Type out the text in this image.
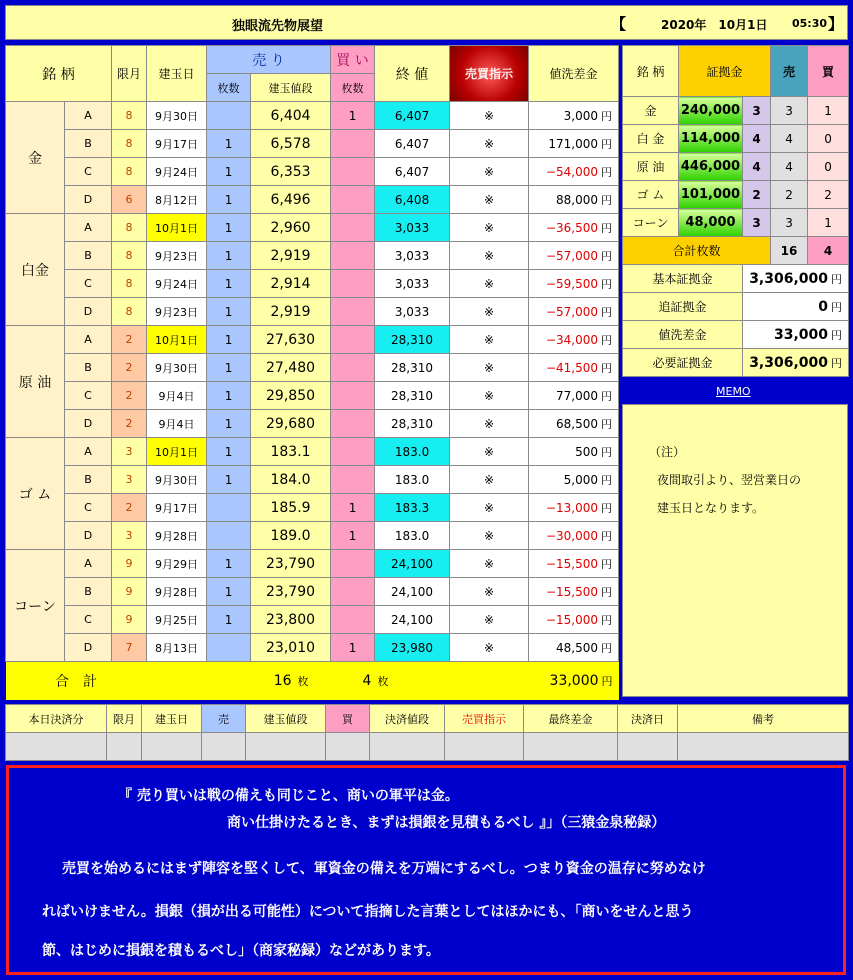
独眼流先物展望	【	2020年　10月1日 05:30 】
銘 柄		限月	建玉日	売 り		買 い	終 値	売買指示	値洗差金
				枚数	建玉値段	枚数			
金	A	8	9月30日		6,404	1	6,407	※	3,000 円
	B	8	9月17日	1	6,578		6,407	※	171,000 円
	C	8	9月24日	1	6,353		6,407	※	−54,000 円
	D	6	8月12日	1	6,496		6,408	※	88,000 円
白金	A	8	10月1日	1	2,960		3,033	※	−36,500 円
	B	8	9月23日	1	2,919		3,033	※	−57,000 円
	C	8	9月24日	1	2,914		3,033	※	−59,500 円
	D	8	9月23日	1	2,919		3,033	※	−57,000 円
原 油	A	2	10月1日	1	27,630		28,310	※	−34,000 円
	B	2	9月30日	1	27,480		28,310	※	−41,500 円
	C	2	9月4日	1	29,850		28,310	※	77,000 円
	D	2	9月4日	1	29,680		28,310	※	68,500 円
ゴ ム	A	3	10月1日	1	183.1		183.0	※	500 円
	B	3	9月30日	1	184.0		183.0	※	5,000 円
	C	2	9月17日		185.9	1	183.3	※	−13,000 円
	D	3	9月28日		189.0	1	183.0	※	−30,000 円
コーン	A	9	9月29日	1	23,790		24,100	※	−15,500 円
	B	9	9月28日	1	23,790		24,100	※	−15,500 円
	C	9	9月25日	1	23,800		24,100	※	−15,000 円
	D	7	8月13日		23,010	1	23,980	※	48,500 円
合　計			16 枚			4 枚		33,000 円	
銘 柄	証拠金		売	買
金	240,000	3	3	1
白 金	114,000	4	4	0
原 油	446,000	4	4	0
ゴ ム	101,000	2	2	2
コーン	48,000	3	3	1
合計枚数			16	4
基本証拠金		3,306,000 円		
追証拠金		0 円		
値洗差金		33,000 円		
必要証拠金		3,306,000 円		
MEMO
（注）
夜間取引より、翌営業日の
建玉日となります。
本日決済分	限月	建玉日	売	建玉値段	買	決済値段	売買指示	最終差金	決済日	備考

『 売り買いは戦の備えも同じこと、商いの軍平は金。
商い仕掛けたるとき、まずは損銀を見積もるべし 』」（三猿金泉秘録）
売買を始めるにはまず陣容を堅くして、軍資金の備えを万端にするべし。つまり資金の温存に努めなけ
ればいけません。損銀（損が出る可能性）について指摘した言葉としてはほかにも、「商いをせんと思う
節、はじめに損銀を積もるべし」（商家秘録）などがあります。
